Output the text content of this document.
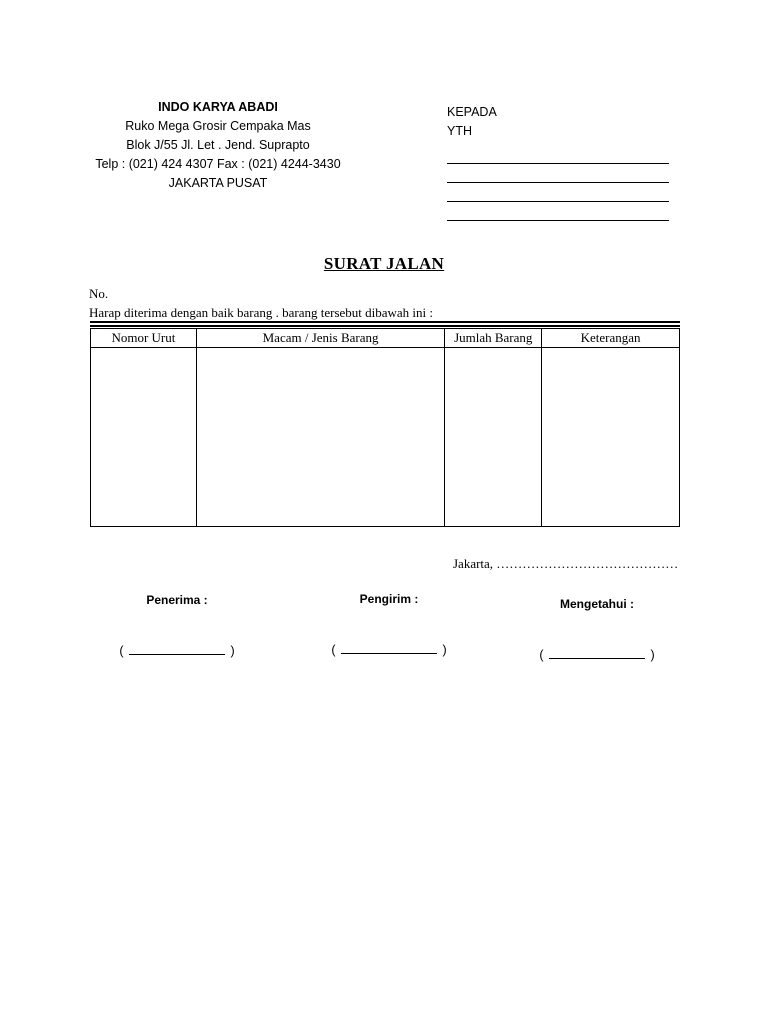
INDO KARYA ABADI
Ruko Mega Grosir Cempaka Mas
Blok J/55 Jl. Let . Jend. Suprapto
Telp : (021) 424 4307 Fax : (021) 4244-3430
JAKARTA PUSAT
KEPADA
YTH
SURAT JALAN
No.
Harap diterima dengan baik barang . barang tersebut dibawah ini :
Nomor Urut	Macam / Jenis Barang	Jumlah Barang	Keterangan

Jakarta, ……………………………………
Penerima :
(	)
Pengirim :
(	)
Mengetahui :
(	)
